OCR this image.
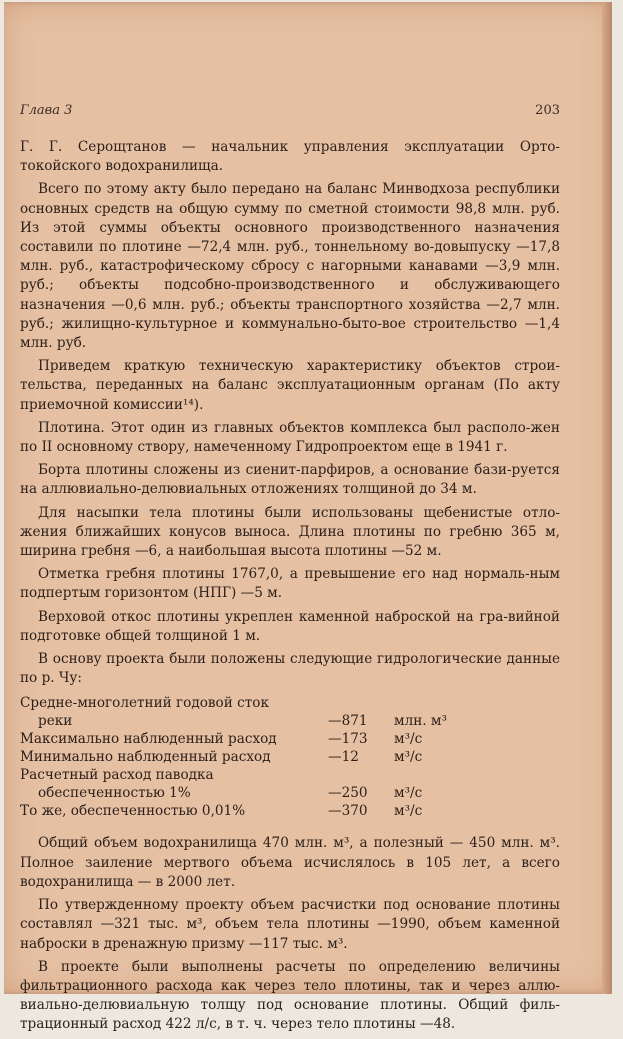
Глава 3	203

Г. Г. Серощтанов — начальник управления эксплуатации Орто-токойского водохранилища.

Всего по этому акту было передано на баланс Минводхоза республики основных средств на общую сумму по сметной стоимости 98,8 млн. руб. Из этой суммы объекты основного производственного назначения составили по плотине —72,4 млн. руб., тоннельному во-довыпуску —17,8 млн. руб., катастрофическому сбросу с нагорными канавами —3,9 млн. руб.; объекты подсобно-производственного и обслуживающего назначения —0,6 млн. руб.; объекты транспортного хозяйства —2,7 млн. руб.; жилищно-культурное и коммунально-быто-вое строительство —1,4 млн. руб.

Приведем краткую техническую характеристику объектов строи-тельства, переданных на баланс эксплуатационным органам (По акту приемочной комиссии¹⁴).

Плотина. Этот один из главных объектов комплекса был располо-жен по II основному створу, намеченному Гидропроектом еще в 1941 г.

Борта плотины сложены из сиенит-парфиров, а основание бази-руется на аллювиально-делювиальных отложениях толщиной до 34 м.

Для насыпки тела плотины были использованы щебенистые отло-жения ближайших конусов выноса. Длина плотины по гребню 365 м, ширина гребня —6, а наибольшая высота плотины —52 м.

Отметка гребня плотины 1767,0, а превышение его над нормаль-ным подпертым горизонтом (НПГ) —5 м.

Верховой откос плотины укреплен каменной наброской на гра-вийной подготовке общей толщиной 1 м.

В основу проекта были положены следующие гидрологические данные по р. Чу:

Средне-многолетний годовой сток		
реки	—871	млн. м³
Максимально наблюденный расход	—173	м³/с
Минимально наблюденный расход	—12	м³/с
Расчетный расход паводка		
обеспеченностью 1%	—250	м³/с
То же, обеспеченностью 0,01%	—370	м³/с

Общий объем водохранилища 470 млн. м³, а полезный — 450 млн. м³. Полное заиление мертвого объема исчислялось в 105 лет, а всего водохранилища — в 2000 лет.

По утвержденному проекту объем расчистки под основание плотины составлял —321 тыс. м³, объем тела плотины —1990, объем каменной наброски в дренажную призму —117 тыс. м³.

В проекте были выполнены расчеты по определению величины фильтрационного расхода как через тело плотины, так и через аллю-виально-делювиальную толщу под основание плотины. Общий филь-трационный расход 422 л/с, в т. ч. через тело плотины —48.
